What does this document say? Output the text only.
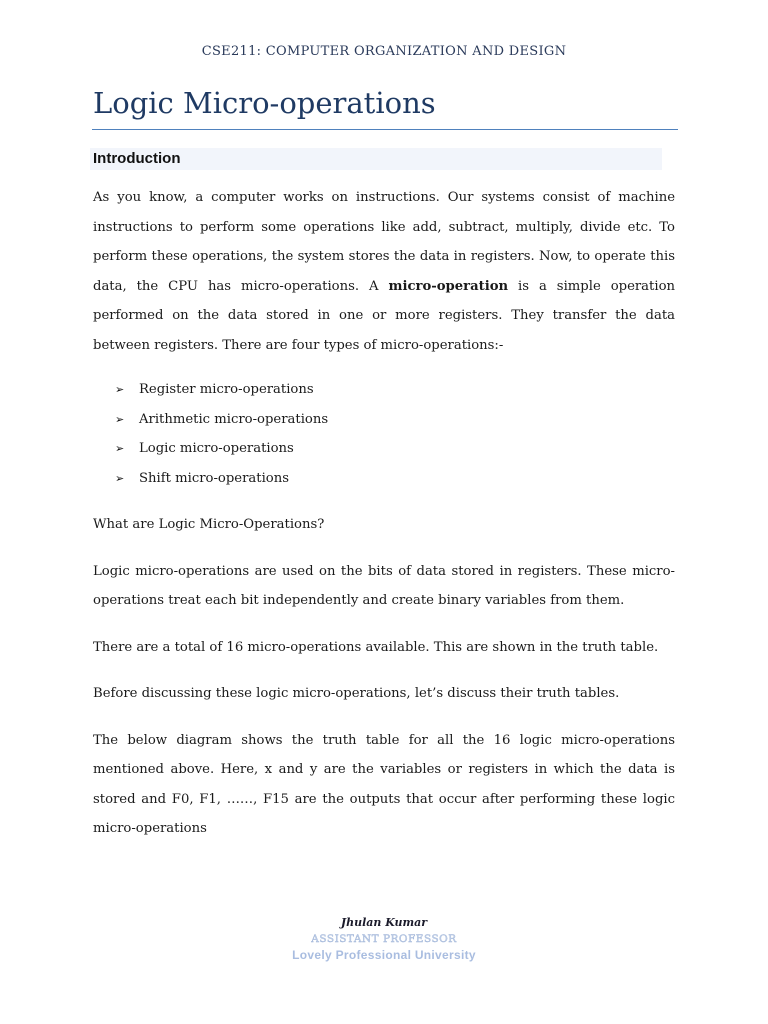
CSE211: COMPUTER ORGANIZATION AND DESIGN
Logic Micro-operations
Introduction

As you know, a computer works on instructions. Our systems consist of machine instructions to perform some operations like add, subtract, multiply, divide etc. To perform these operations, the system stores the data in registers. Now, to operate this data, the CPU has micro-operations. A micro-operation is a simple operation performed on the data stored in one or more registers. They transfer the data between registers. There are four types of micro-operations:-

➢ Register micro-operations
➢ Arithmetic micro-operations
➢ Logic micro-operations
➢ Shift micro-operations

What are Logic Micro-Operations?

Logic micro-operations are used on the bits of data stored in registers. These micro-operations treat each bit independently and create binary variables from them.

There are a total of 16 micro-operations available. This are shown in the truth table.

Before discussing these logic micro-operations, let’s discuss their truth tables.

The below diagram shows the truth table for all the 16 logic micro-operations mentioned above. Here, x and y are the variables or registers in which the data is stored and F0, F1, ……, F15 are the outputs that occur after performing these logic micro-operations

Jhulan Kumar
ASSISTANT PROFESSOR
Lovely Professional University
